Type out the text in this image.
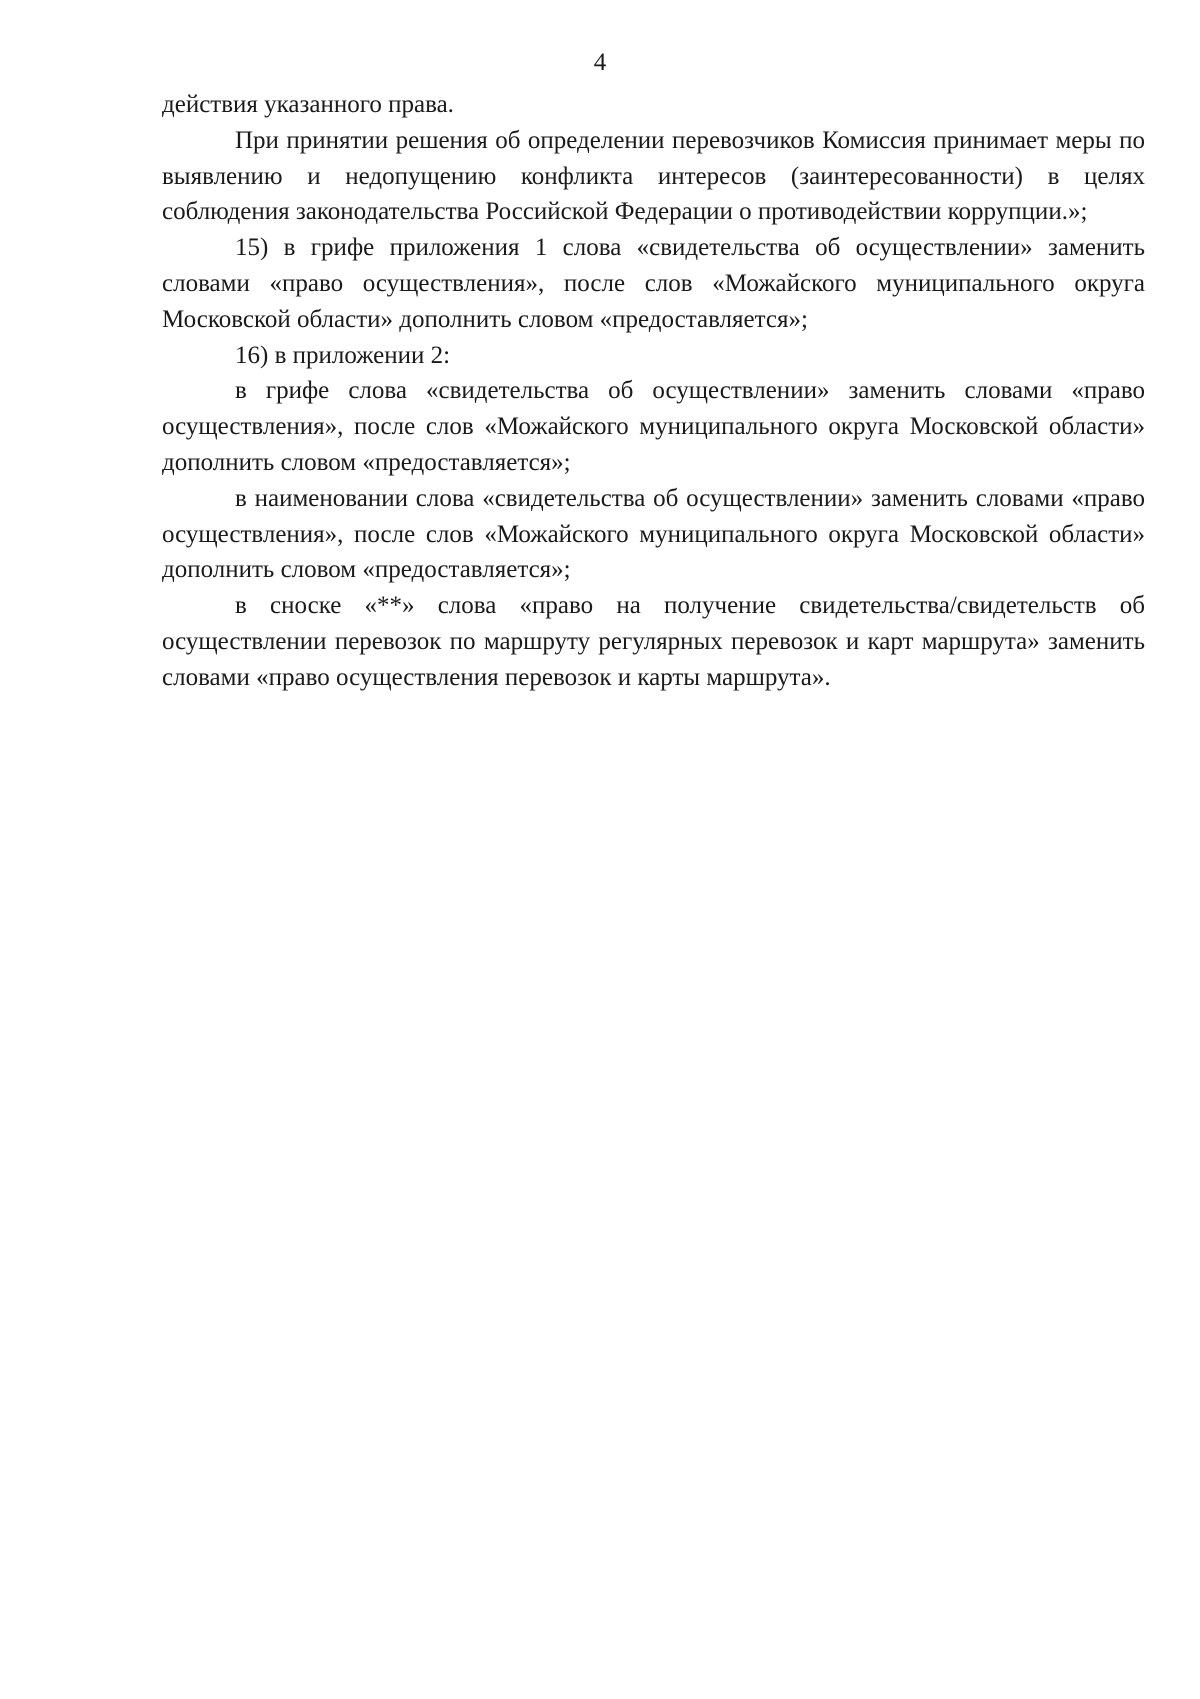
4

действия указанного права.

При принятии решения об определении перевозчиков Комиссия принимает меры по выявлению и недопущению конфликта интересов (заинтересованности) в целях соблюдения законодательства Российской Федерации о противодействии коррупции.»;

15) в грифе приложения 1 слова «свидетельства об осуществлении» заменить словами «право осуществления», после слов «Можайского муниципального округа Московской области» дополнить словом «предоставляется»;

16) в приложении 2:

в грифе слова «свидетельства об осуществлении» заменить словами «право осуществления», после слов «Можайского муниципального округа Московской области» дополнить словом «предоставляется»;

в наименовании слова «свидетельства об осуществлении» заменить словами «право осуществления», после слов «Можайского муниципального округа Московской области» дополнить словом «предоставляется»;

в сноске «**» слова «право на получение свидетельства/свидетельств об осуществлении перевозок по маршруту регулярных перевозок и карт маршрута» заменить словами «право осуществления перевозок и карты маршрута».
